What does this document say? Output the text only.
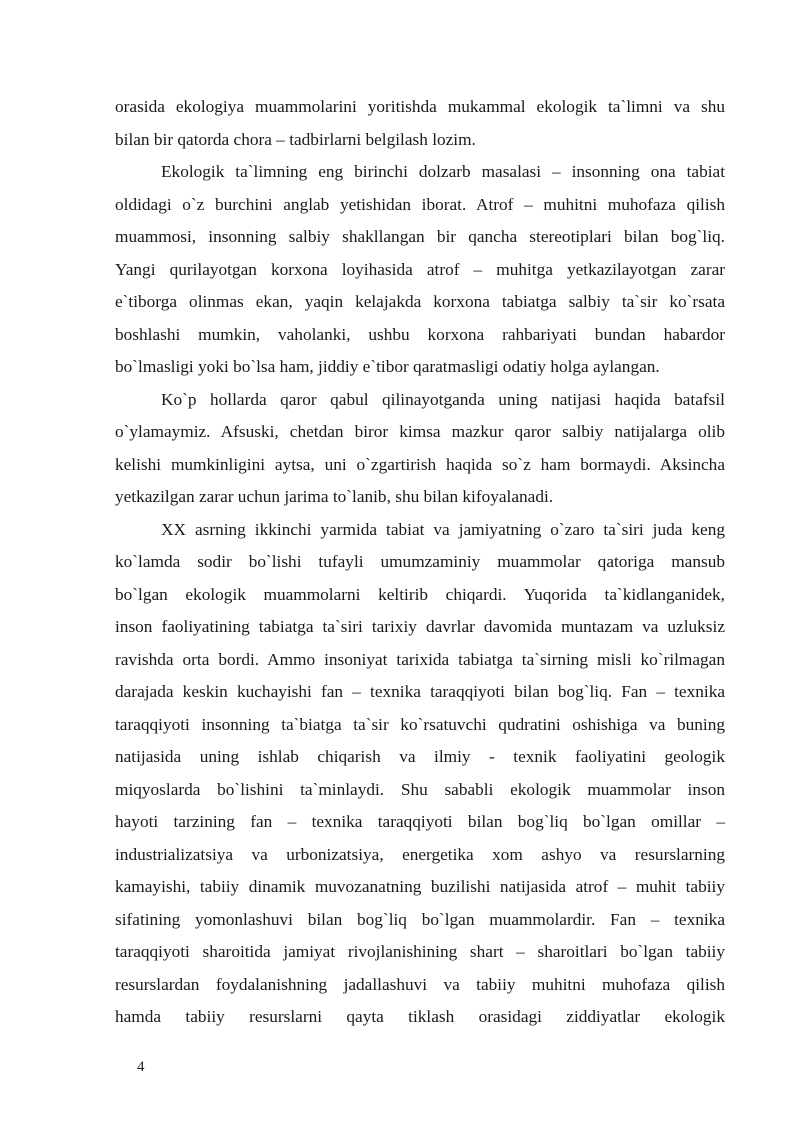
orasida ekologiya muammolarini yoritishda mukammal ekologik ta`limni va shu
bilan bir qatorda chora – tadbirlarni belgilash lozim.
Ekologik ta`limning eng birinchi dolzarb masalasi – insonning ona tabiat
oldidagi o`z burchini anglab yetishidan iborat. Atrof – muhitni muhofaza qilish
muammosi, insonning salbiy shakllangan bir qancha stereotiplari bilan bog`liq.
Yangi qurilayotgan korxona loyihasida atrof – muhitga yetkazilayotgan zarar
e`tiborga olinmas ekan, yaqin kelajakda korxona tabiatga salbiy ta`sir ko`rsata
boshlashi mumkin, vaholanki, ushbu korxona rahbariyati bundan habardor
bo`lmasligi yoki bo`lsa ham, jiddiy e`tibor qaratmasligi odatiy holga aylangan.
Ko`p hollarda qaror qabul qilinayotganda uning natijasi haqida batafsil
o`ylamaymiz. Afsuski, chetdan biror kimsa mazkur qaror salbiy natijalarga olib
kelishi mumkinligini aytsa, uni o`zgartirish haqida so`z ham bormaydi. Aksincha
yetkazilgan zarar uchun jarima to`lanib, shu bilan kifoyalanadi.
XX asrning ikkinchi yarmida tabiat va jamiyatning o`zaro ta`siri juda keng
ko`lamda sodir bo`lishi tufayli umumzaminiy muammolar qatoriga mansub
bo`lgan ekologik muammolarni keltirib chiqardi. Yuqorida ta`kidlanganidek,
inson faoliyatining tabiatga ta`siri tarixiy davrlar davomida muntazam va uzluksiz
ravishda orta bordi. Ammo insoniyat tarixida tabiatga ta`sirning misli ko`rilmagan
darajada keskin kuchayishi fan – texnika taraqqiyoti bilan bog`liq. Fan – texnika
taraqqiyoti insonning ta`biatga ta`sir ko`rsatuvchi qudratini oshishiga va buning
natijasida uning ishlab chiqarish va ilmiy - texnik faoliyatini geologik
miqyoslarda bo`lishini ta`minlaydi. Shu sababli ekologik muammolar inson
hayoti tarzining fan – texnika taraqqiyoti bilan bog`liq bo`lgan omillar –
industrializatsiya va urbonizatsiya, energetika xom ashyo va resurslarning
kamayishi, tabiiy dinamik muvozanatning buzilishi natijasida atrof – muhit tabiiy
sifatining yomonlashuvi bilan bog`liq bo`lgan muammolardir. Fan – texnika
taraqqiyoti sharoitida jamiyat rivojlanishining shart – sharoitlari bo`lgan tabiiy
resurslardan foydalanishning jadallashuvi va tabiiy muhitni muhofaza qilish
hamda tabiiy resurslarni qayta tiklash orasidagi ziddiyatlar ekologik
4
